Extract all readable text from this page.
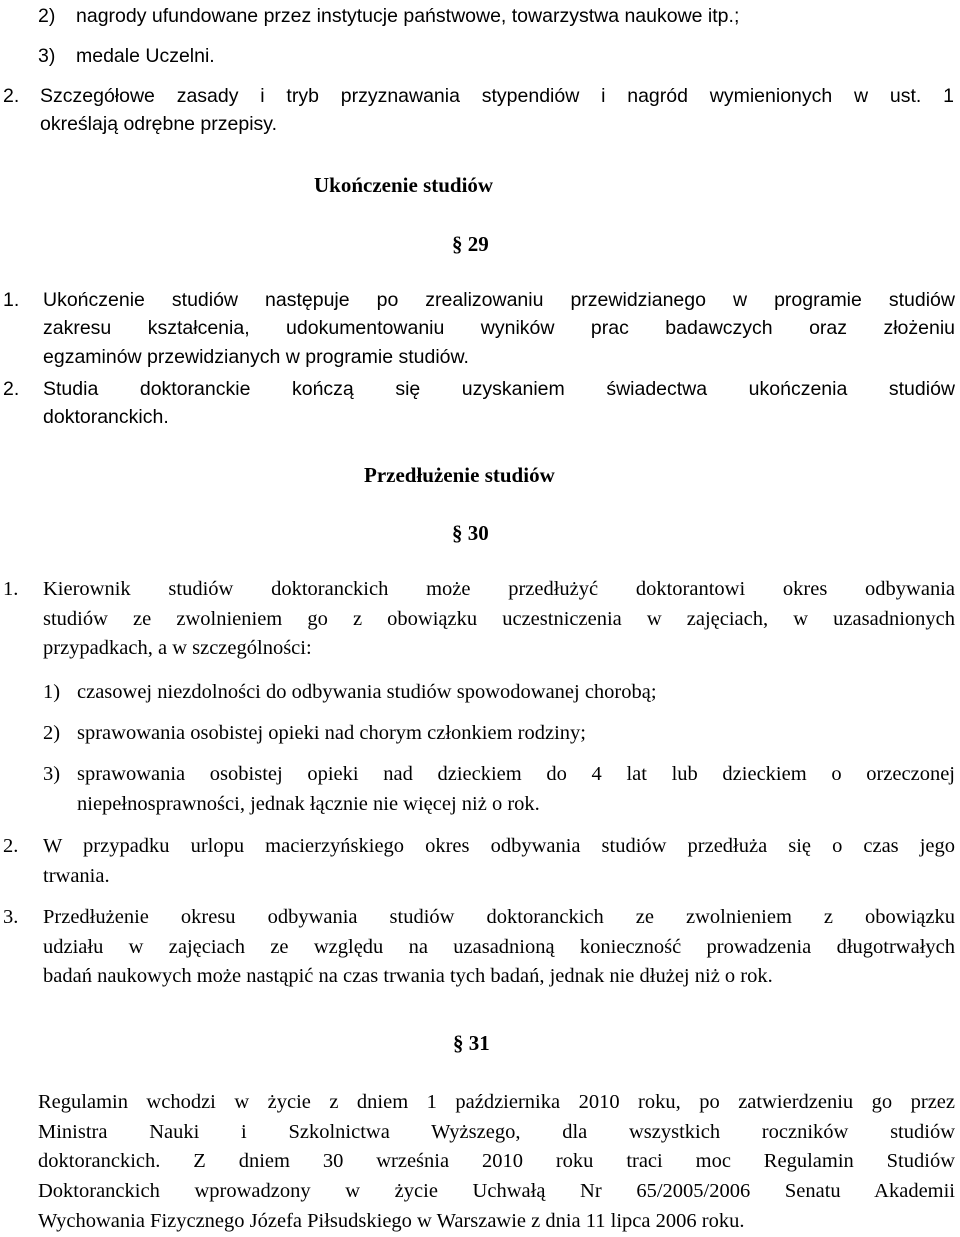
2) nagrody ufundowane przez instytucje państwowe, towarzystwa naukowe itp.;
3) medale Uczelni.
2. Szczegółowe zasady i tryb przyznawania stypendiów i nagród wymienionych w ust. 1
określają odrębne przepisy.
Ukończenie studiów
§ 29
1. Ukończenie studiów następuje po zrealizowaniu przewidzianego w programie studiów
zakresu kształcenia, udokumentowaniu wyników prac badawczych oraz złożeniu
egzaminów przewidzianych w programie studiów.
2. Studia doktoranckie kończą się uzyskaniem świadectwa ukończenia studiów
doktoranckich.
Przedłużenie studiów
§ 30
1. Kierownik studiów doktoranckich może przedłużyć doktorantowi okres odbywania
studiów ze zwolnieniem go z obowiązku uczestniczenia w zajęciach, w uzasadnionych
przypadkach, a w szczególności:
1) czasowej niezdolności do odbywania studiów spowodowanej chorobą;
2) sprawowania osobistej opieki nad chorym członkiem rodziny;
3) sprawowania osobistej opieki nad dzieckiem do 4 lat lub dzieckiem o orzeczonej
niepełnosprawności, jednak łącznie nie więcej niż o rok.
2. W przypadku urlopu macierzyńskiego okres odbywania studiów przedłuża się o czas jego
trwania.
3. Przedłużenie okresu odbywania studiów doktoranckich ze zwolnieniem z obowiązku
udziału w zajęciach ze względu na uzasadnioną konieczność prowadzenia długotrwałych
badań naukowych może nastąpić na czas trwania tych badań, jednak nie dłużej niż o rok.
§ 31
Regulamin wchodzi w życie z dniem 1 października 2010 roku, po zatwierdzeniu go przez
Ministra Nauki i Szkolnictwa Wyższego, dla wszystkich roczników studiów
doktoranckich. Z dniem 30 września 2010 roku traci moc Regulamin Studiów
Doktoranckich wprowadzony w życie Uchwałą Nr 65/2005/2006 Senatu Akademii
Wychowania Fizycznego Józefa Piłsudskiego w Warszawie z dnia 11 lipca 2006 roku.
